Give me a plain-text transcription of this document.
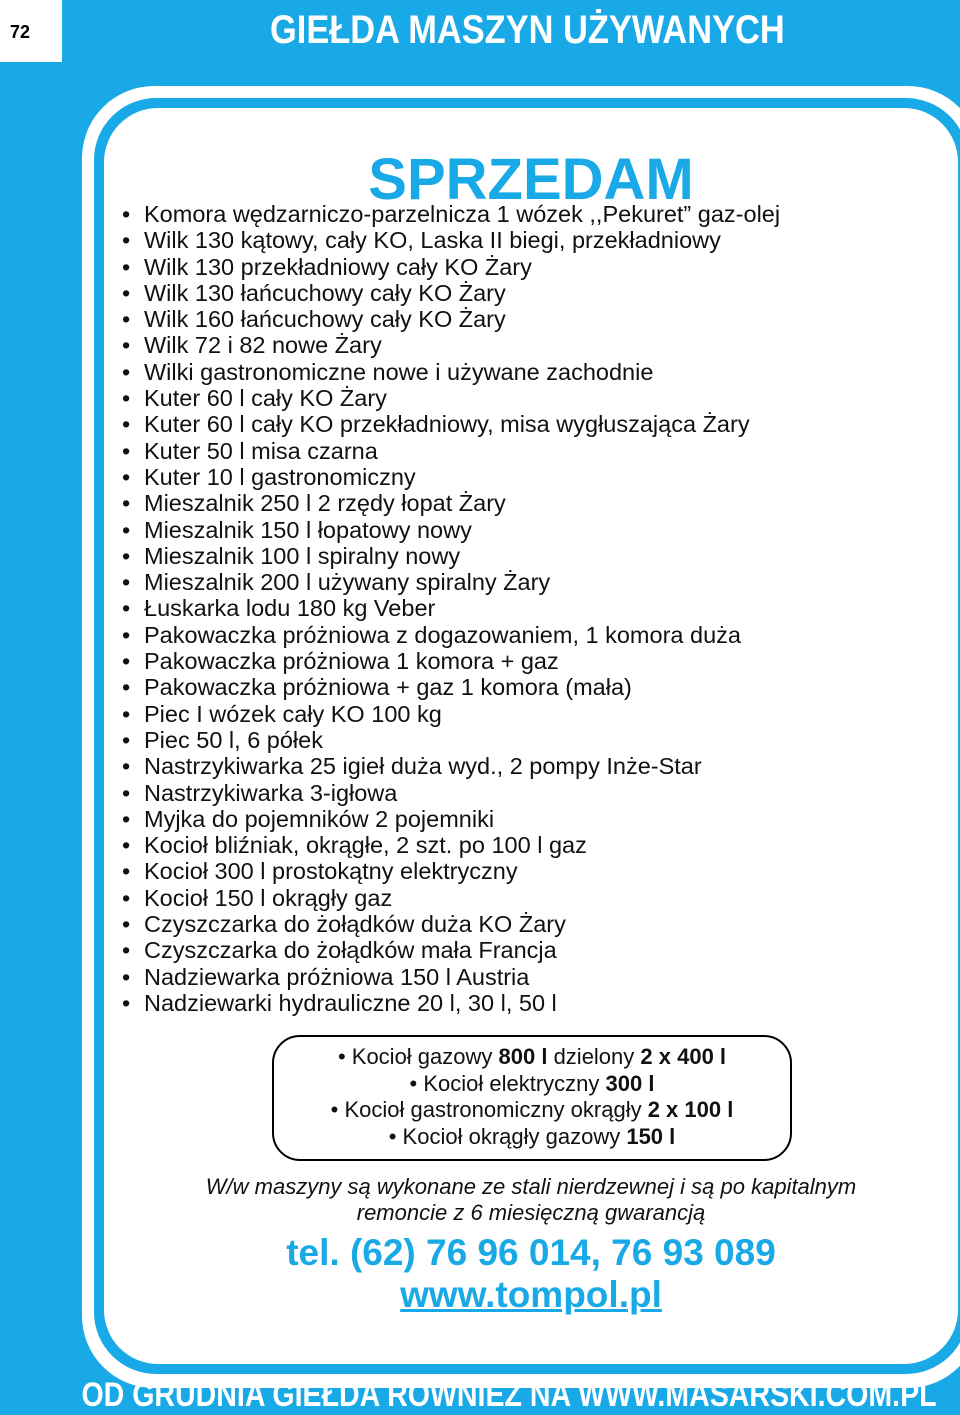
72	GIEŁDA MASZYN UŻYWANYCH
SPRZEDAM
• Komora wędzarniczo-parzelnicza 1 wózek ,,Pekuret” gaz-olej
• Wilk 130 kątowy, cały KO, Laska II biegi, przekładniowy
• Wilk 130 przekładniowy cały KO Żary
• Wilk 130 łańcuchowy cały KO Żary
• Wilk 160 łańcuchowy cały KO Żary
• Wilk 72 i 82 nowe Żary
• Wilki gastronomiczne nowe i używane zachodnie
• Kuter 60 l cały KO Żary
• Kuter 60 l cały KO przekładniowy, misa wygłuszająca Żary
• Kuter 50 l misa czarna
• Kuter 10 l gastronomiczny
• Mieszalnik 250 l 2 rzędy łopat Żary
• Mieszalnik 150 l łopatowy nowy
• Mieszalnik 100 l spiralny nowy
• Mieszalnik 200 l używany spiralny Żary
• Łuskarka lodu 180 kg Veber
• Pakowaczka próżniowa z dogazowaniem, 1 komora duża
• Pakowaczka próżniowa 1 komora + gaz
• Pakowaczka próżniowa + gaz 1 komora (mała)
• Piec I wózek cały KO 100 kg
• Piec 50 l, 6 półek
• Nastrzykiwarka 25 igieł duża wyd., 2 pompy Inże-Star
• Nastrzykiwarka 3-igłowa
• Myjka do pojemników 2 pojemniki
• Kocioł bliźniak, okrągłe, 2 szt. po 100 l gaz
• Kocioł 300 l prostokątny elektryczny
• Kocioł 150 l okrągły gaz
• Czyszczarka do żołądków duża KO Żary
• Czyszczarka do żołądków mała Francja
• Nadziewarka próżniowa 150 l Austria
• Nadziewarki hydrauliczne 20 l, 30 l, 50 l
• Kocioł gazowy 800 l dzielony 2 x 400 l
• Kocioł elektryczny 300 l
• Kocioł gastronomiczny okrągły 2 x 100 l
• Kocioł okrągły gazowy 150 l

W/w maszyny są wykonane ze stali nierdzewnej i są po kapitalnym
remoncie z 6 miesięczną gwarancją

tel. (62) 76 96 014, 76 93 089
www.tompol.pl
OD GRUDNIA GIEŁDA RÓWNIEŻ NA WWW.MASARSKI.COM.PL
